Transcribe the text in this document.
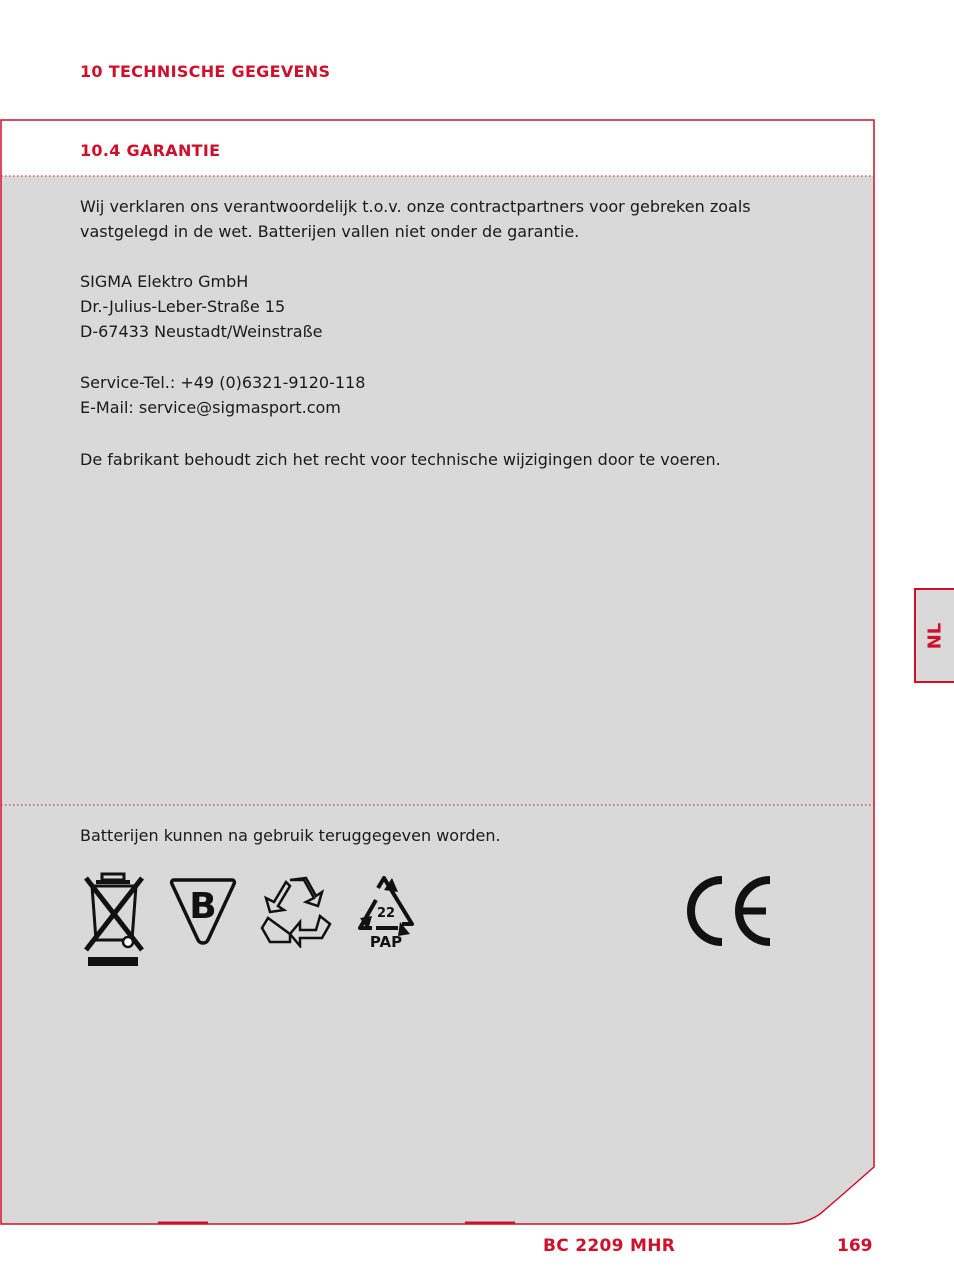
10 TECHNISCHE GEGEVENS
10.4 GARANTIE

Wij verklaren ons verantwoordelijk t.o.v. onze contractpartners voor gebreken zoals
vastgelegd in de wet. Batterijen vallen niet onder de garantie.

SIGMA Elektro GmbH
Dr.-Julius-Leber-Straße 15
D-67433 Neustadt/Weinstraße

Service-Tel.: +49 (0)6321-9120-118
E-Mail: service@sigmasport.com

De fabrikant behoudt zich het recht voor technische wijzigingen door te voeren.

Batterijen kunnen na gebruik teruggegeven worden.

B	22
PAP
NL
BC 2209 MHR	169
